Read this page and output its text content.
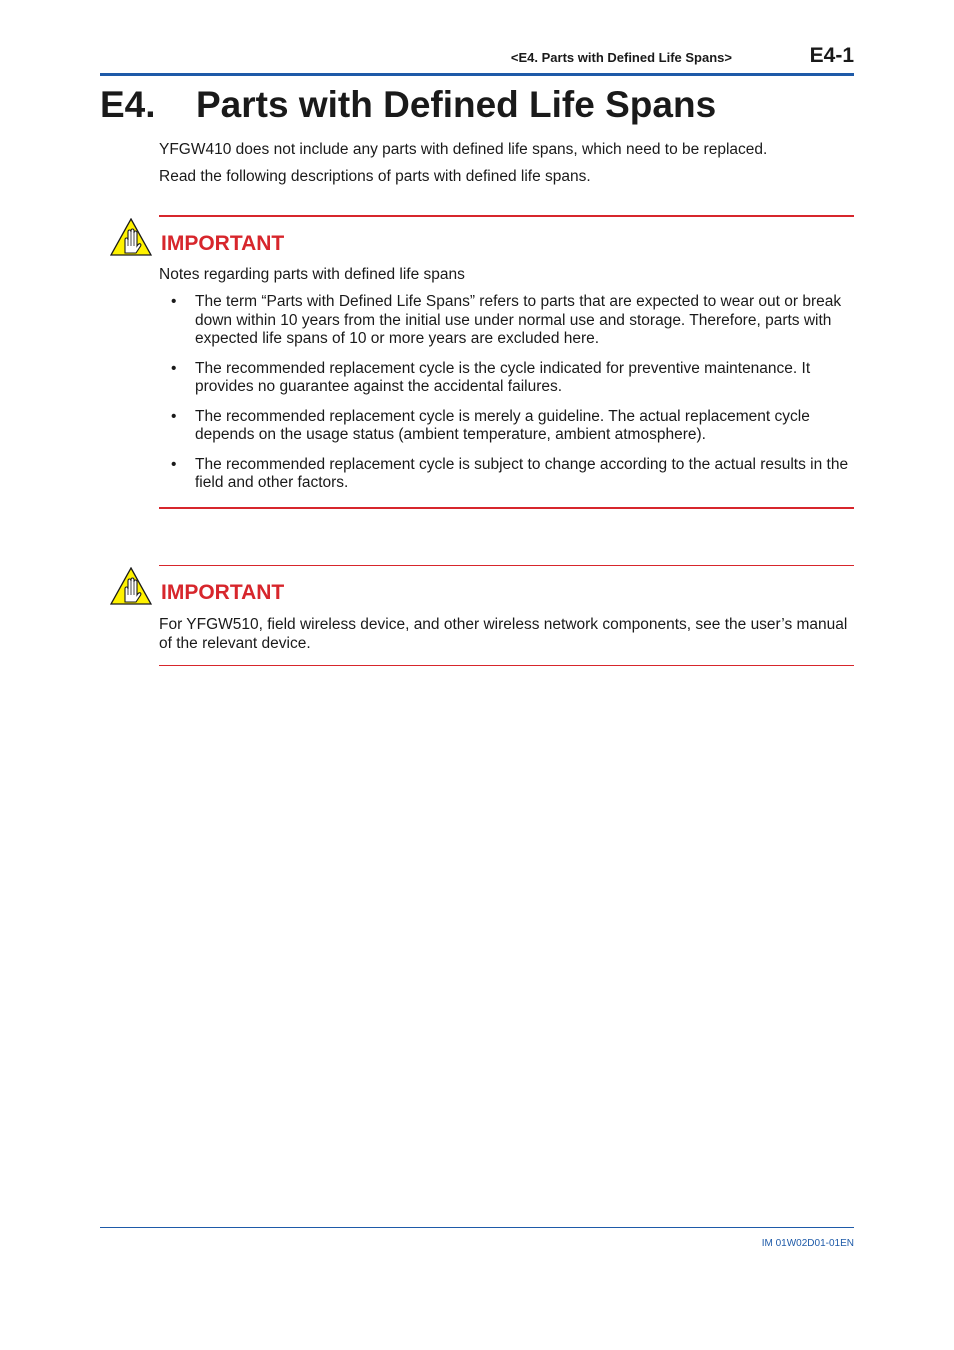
<E4. Parts with Defined Life Spans>	E4-1
E4. Parts with Defined Life Spans

YFGW410 does not include any parts with defined life spans, which need to be replaced.

Read the following descriptions of parts with defined life spans.

IMPORTANT

Notes regarding parts with defined life spans

• The term “Parts with Defined Life Spans” refers to parts that are expected to wear out or break down within 10 years from the initial use under normal use and storage. Therefore, parts with expected life spans of 10 or more years are excluded here.
• The recommended replacement cycle is the cycle indicated for preventive maintenance. It provides no guarantee against the accidental failures.
• The recommended replacement cycle is merely a guideline. The actual replacement cycle depends on the usage status (ambient temperature, ambient atmosphere).
• The recommended replacement cycle is subject to change according to the actual results in the field and other factors.
IMPORTANT

For YFGW510, field wireless device, and other wireless network components, see the user’s manual of the relevant device.

IM 01W02D01-01EN
